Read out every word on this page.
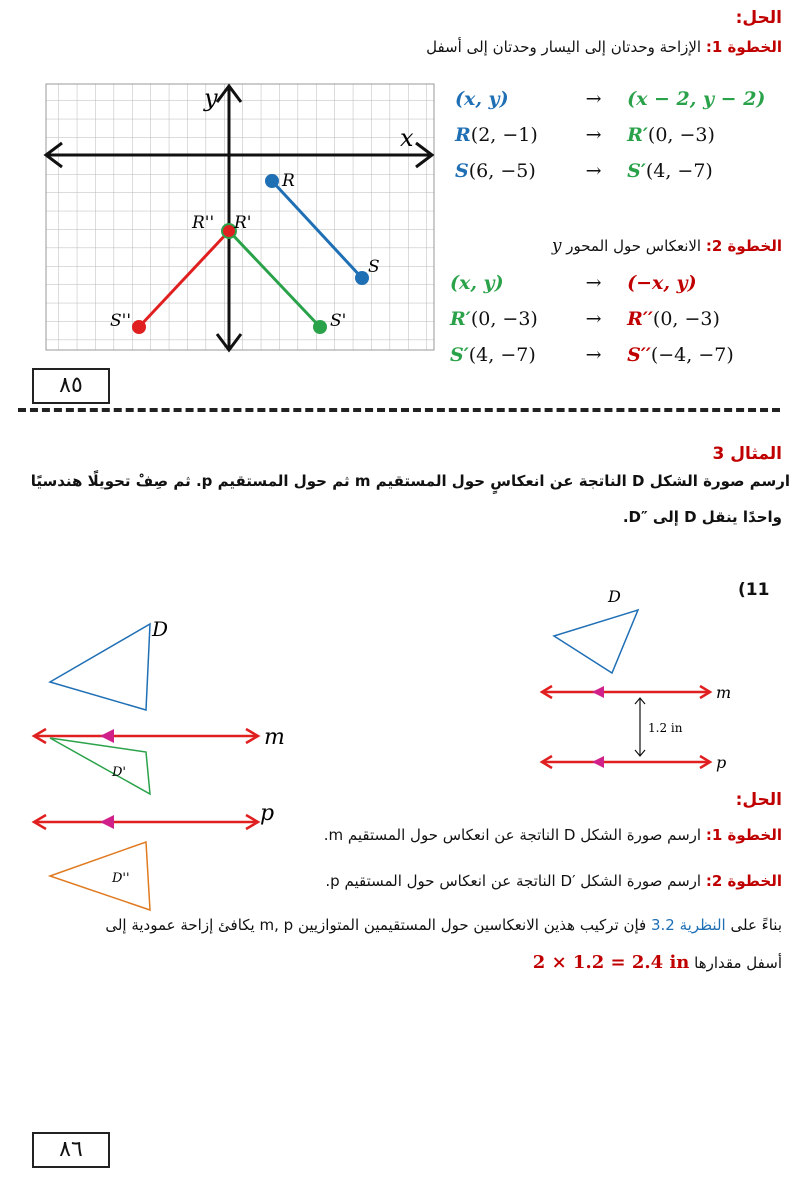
الحل:
الخطوة 1: الإزاحة وحدتان إلى اليسار وحدتان إلى أسفل
(x, y)	→ (x − 2, y − 2)
R(2, −1)	→ R′(0, −3)
S(6, −5)	→ S′(4, −7)
الخطوة 2: الانعكاس حول المحور y
(x, y)	→ (−x, y)
R′(0, −3)	→ R′′(0, −3)
S′(4, −7)	→ S′′(−4, −7)
y
x
R
S
R'
R''
S'
S''
٨٥
المثال 3
ارسم صورة الشكل D الناتجة عن انعكاسٍ حول المستقيم m ثم حول المستقيم p. ثم صِفْ تحويلًا هندسيًا
واحدًا ينقل D إلى ″D.
(11
D
m
p
1.2 in
D
m
D'
p
D''
الحل:
الخطوة 1: ارسم صورة الشكل D الناتجة عن انعكاس حول المستقيم m.
الخطوة 2: ارسم صورة الشكل ′D الناتجة عن انعكاس حول المستقيم p.
بناءً على النظرية 3.2 فإن تركيب هذين الانعكاسين حول المستقيمين المتوازيين m, p يكافئ إزاحة عمودية إلى
أسفل مقدارها 2 × 1.2 = 2.4 in
٨٦
